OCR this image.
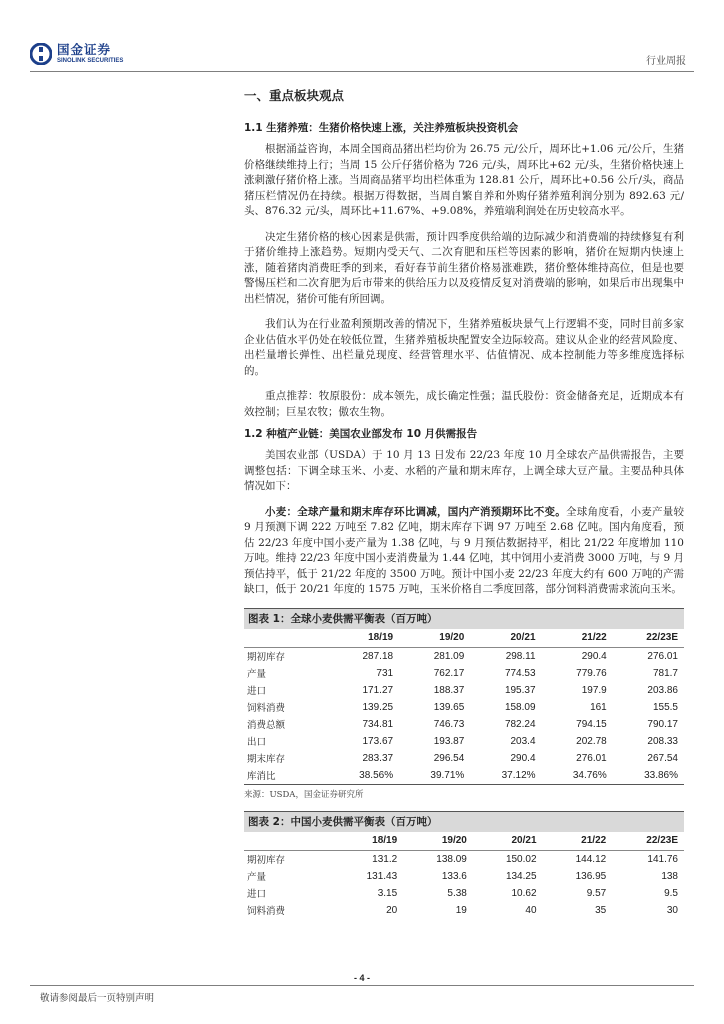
国金证券
SINOLINK SECURITIES	行业周报
一、重点板块观点
1.1 生猪养殖：生猪价格快速上涨，关注养殖板块投资机会

根据涌益咨询，本周全国商品猪出栏均价为 26.75 元/公斤，周环比+1.06 元/公斤，生猪价格继续维持上行；当周 15 公斤仔猪价格为 726 元/头，周环比+62 元/头，生猪价格快速上涨刺激仔猪价格上涨。当周商品猪平均出栏体重为 128.81 公斤，周环比+0.56 公斤/头，商品猪压栏情况仍在持续。根据万得数据，当周自繁自养和外购仔猪养殖利润分别为 892.63 元/头、876.32 元/头，周环比+11.67%、+9.08%，养殖端利润处在历史较高水平。

决定生猪价格的核心因素是供需，预计四季度供给端的边际减少和消费端的持续修复有利于猪价维持上涨趋势。短期内受天气、二次育肥和压栏等因素的影响，猪价在短期内快速上涨，随着猪肉消费旺季的到来，看好春节前生猪价格易涨难跌，猪价整体维持高位，但是也要警惕压栏和二次育肥为后市带来的供给压力以及疫情反复对消费端的影响，如果后市出现集中出栏情况，猪价可能有所回调。

我们认为在行业盈利预期改善的情况下，生猪养殖板块景气上行逻辑不变，同时目前多家企业估值水平仍处在较低位置，生猪养殖板块配置安全边际较高。建议从企业的经营风险度、出栏量增长弹性、出栏量兑现度、经营管理水平、估值情况、成本控制能力等多维度选择标的。

重点推荐：牧原股份：成本领先，成长确定性强；温氏股份：资金储备充足，近期成本有效控制；巨星农牧；傲农生物。

1.2 种植产业链：美国农业部发布 10 月供需报告

美国农业部（USDA）于 10 月 13 日发布 22/23 年度 10 月全球农产品供需报告，主要调整包括：下调全球玉米、小麦、水稻的产量和期末库存，上调全球大豆产量。主要品种具体情况如下：

小麦：全球产量和期末库存环比调减，国内产消预期环比不变。全球角度看，小麦产量较 9 月预测下调 222 万吨至 7.82 亿吨，期末库存下调 97 万吨至 2.68 亿吨。国内角度看，预估 22/23 年度中国小麦产量为 1.38 亿吨，与 9 月预估数据持平，相比 21/22 年度增加 110 万吨。维持 22/23 年度中国小麦消费量为 1.44 亿吨，其中饲用小麦消费 3000 万吨，与 9 月预估持平，低于 21/22 年度的 3500 万吨。预计中国小麦 22/23 年度大约有 600 万吨的产需缺口，低于 20/21 年度的 1575 万吨，玉米价格自二季度回落，部分饲料消费需求流向玉米。

图表 1：全球小麦供需平衡表（百万吨）
	18/19	19/20	20/21	21/22	22/23E
期初库存	287.18	281.09	298.11	290.4	276.01
产量	731	762.17	774.53	779.76	781.7
进口	171.27	188.37	195.37	197.9	203.86
饲料消费	139.25	139.65	158.09	161	155.5
消费总额	734.81	746.73	782.24	794.15	790.17
出口	173.67	193.87	203.4	202.78	208.33
期末库存	283.37	296.54	290.4	276.01	267.54
库消比	38.56%	39.71%	37.12%	34.76%	33.86%
来源：USDA，国金证券研究所
图表 2：中国小麦供需平衡表（百万吨）
	18/19	19/20	20/21	21/22	22/23E
期初库存	131.2	138.09	150.02	144.12	141.76
产量	131.43	133.6	134.25	136.95	138
进口	3.15	5.38	10.62	9.57	9.5
饲料消费	20	19	40	35	30
- 4 -
敬请参阅最后一页特别声明
